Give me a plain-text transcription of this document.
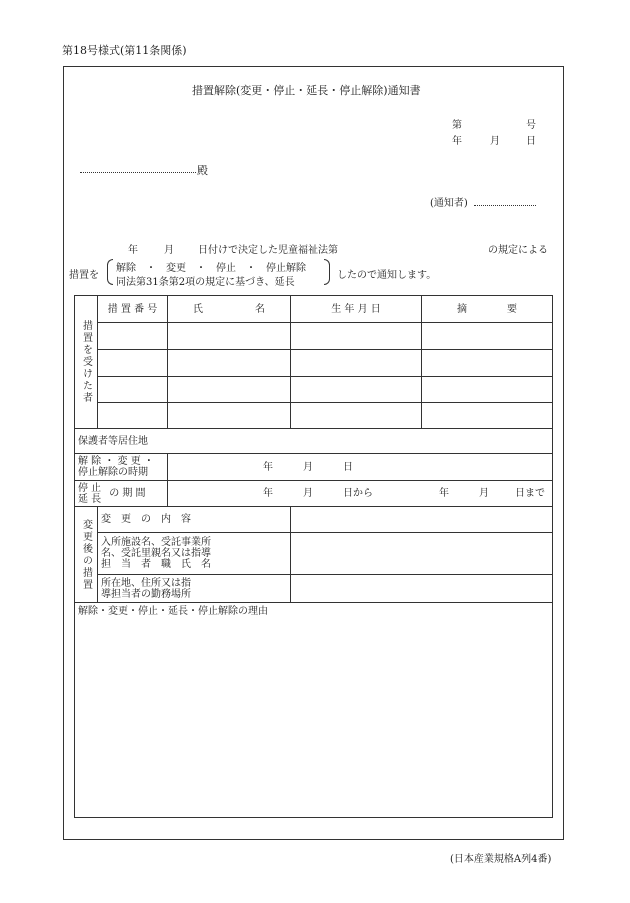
第18号様式(第11条関係)
措置解除(変更・停止・延長・停止解除)通知書
第	号
年	月	日
殿
(通知者)
年	月 日付けで決定した児童福祉法第	の規定による
措置を
解除　・　変更　・　停止　・　停止解除
同法第31条第2項の規定に基づき、延長
したので通知します。
措置を受けた者	措 置 番 号	氏 名	生 年 月 日	摘 要

保護者等居住地				

解 除 ・ 変 更 ・
停止解除の時期		年 月 日		

停 止
延 長 の 期 間		年 月 日から 年 月 日まで		
変更後の措置	変　更　の　内　容			

	入所施設名、受託事業所
名、受託里親名又は指導
担　当　者　職　氏　名			

	所在地、住所又は指
導担当者の勤務場所			

解除・変更・停止・延長・停止解除の理由				
(日本産業規格A列4番)
